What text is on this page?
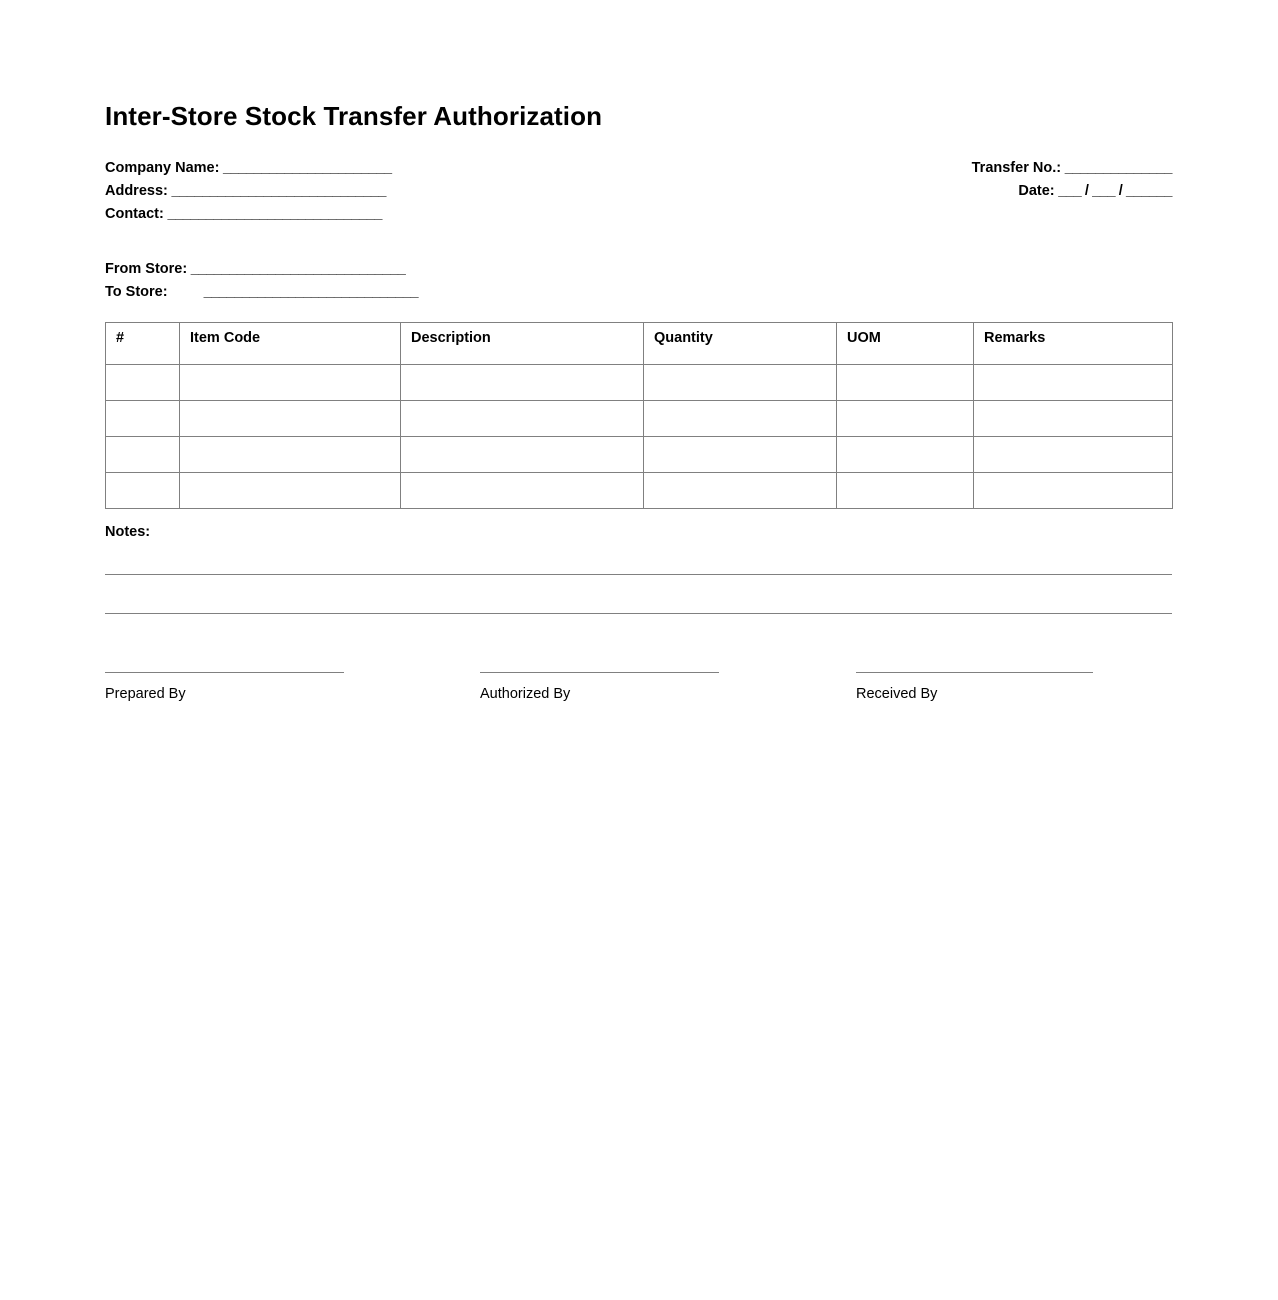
Inter-Store Stock Transfer Authorization
Company Name: ______________________
Address: ____________________________
Contact: ____________________________
Transfer No.: ______________
Date: ___ / ___ / ______
From Store: ____________________________
To Store: ____________________________
#	Item Code	Description	Quantity	UOM	Remarks

Notes:
Prepared By	Authorized By	Received By
